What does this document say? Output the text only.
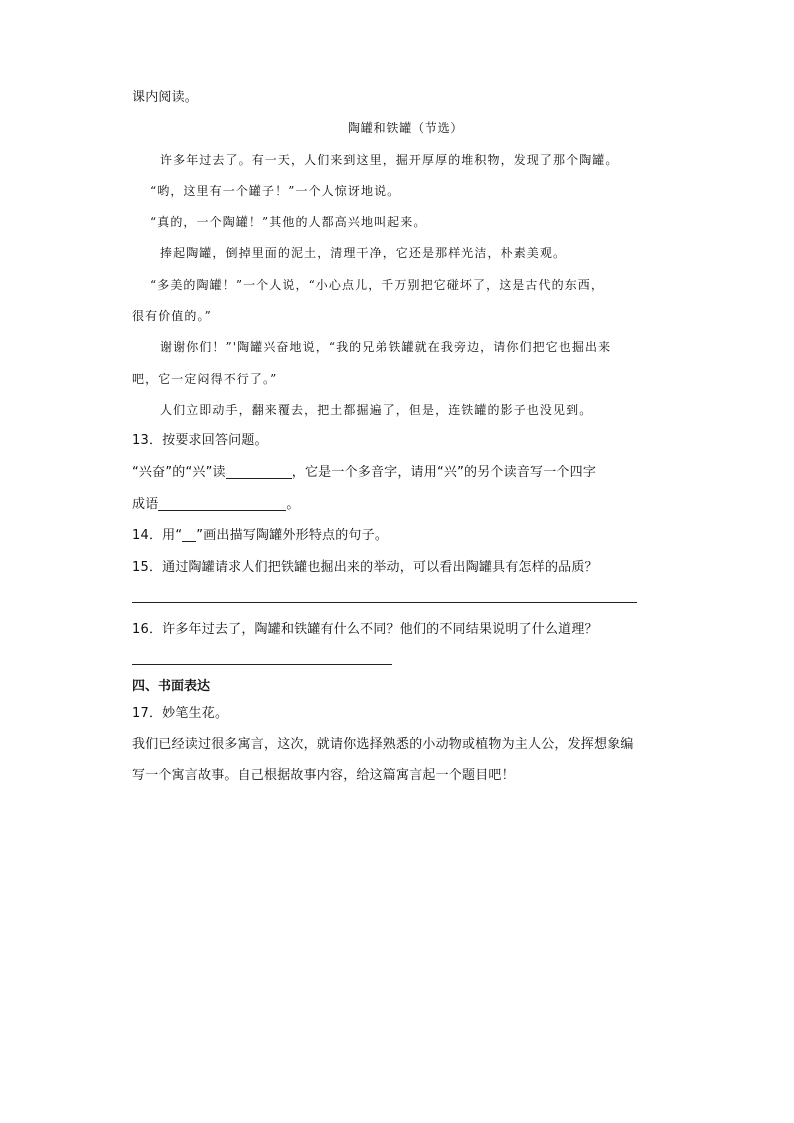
课内阅读。
陶罐和铁罐（节选）
许多年过去了。有一天，人们来到这里，掘开厚厚的堆积物，发现了那个陶罐。
“哟，这里有一个罐子！”一个人惊讶地说。
“真的，一个陶罐！”其他的人都高兴地叫起来。
捧起陶罐，倒掉里面的泥土，清理干净，它还是那样光洁，朴素美观。
“多美的陶罐！”一个人说，“小心点儿，千万别把它碰坏了，这是古代的东西，
很有价值的。”
谢谢你们！”'陶罐兴奋地说，“我的兄弟铁罐就在我旁边，请你们把它也掘出来
吧，它一定闷得不行了。”
人们立即动手，翻来覆去，把土都掘遍了，但是，连铁罐的影子也没见到。
13．按要求回答问题。
“兴奋”的“兴”读	，它是一个多音字，请用“兴”的另个读音写一个四字
成语	。
14．用“ ”画出描写陶罐外形特点的句子。
15．通过陶罐请求人们把铁罐也掘出来的举动，可以看出陶罐具有怎样的品质？
16．许多年过去了，陶罐和铁罐有什么不同？他们的不同结果说明了什么道理？
四、书面表达
17．妙笔生花。
我们已经读过很多寓言，这次，就请你选择熟悉的小动物或植物为主人公，发挥想象编
写一个寓言故事。自己根据故事内容，给这篇寓言起一个题目吧！
